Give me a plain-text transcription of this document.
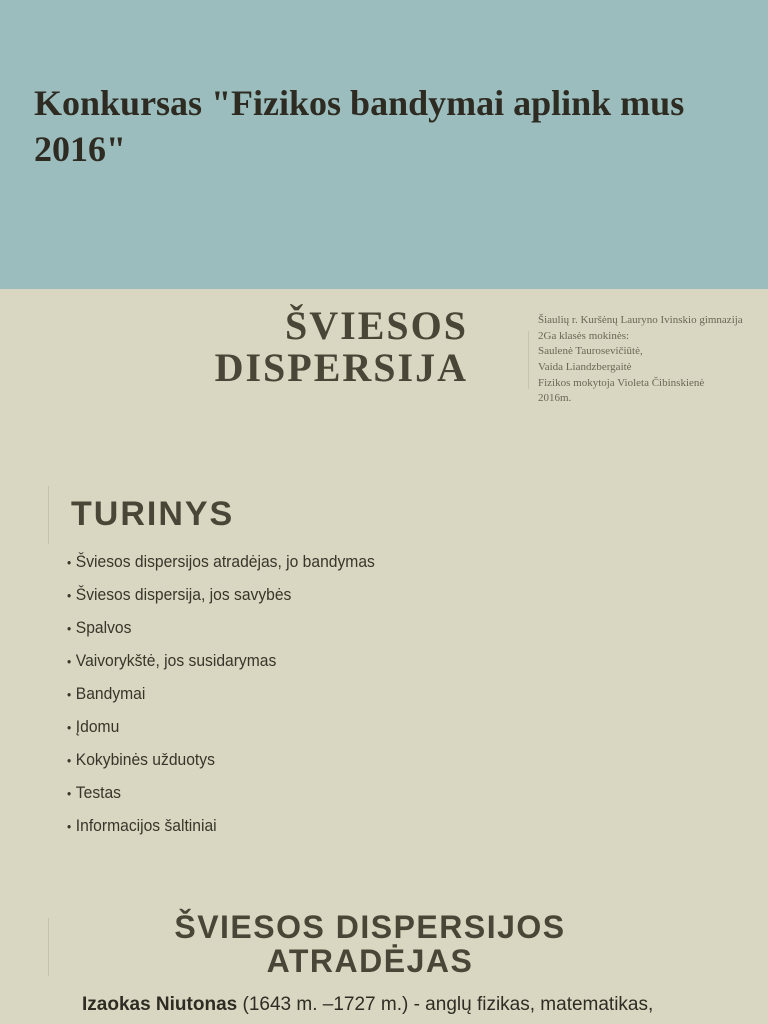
Konkursas "Fizikos bandymai aplink mus 2016"
ŠVIESOS
DISPERSIJA
Šiaulių r. Kuršėnų Lauryno Ivinskio gimnazija
2Ga klasės mokinės:
Saulenė Taurosevičiūtė,
Vaida Liandzbergaitė
Fizikos mokytoja Violeta Čibinskienė
2016m.
TURINYS
• Šviesos dispersijos atradėjas, jo bandymas
• Šviesos dispersija, jos savybės
• Spalvos
• Vaivorykštė, jos susidarymas
• Bandymai
• Įdomu
• Kokybinės užduotys
• Testas
• Informacijos šaltiniai
ŠVIESOS DISPERSIJOS
ATRADĖJAS

Izaokas Niutonas (1643 m. –1727 m.) - anglų fizikas, matematikas,
